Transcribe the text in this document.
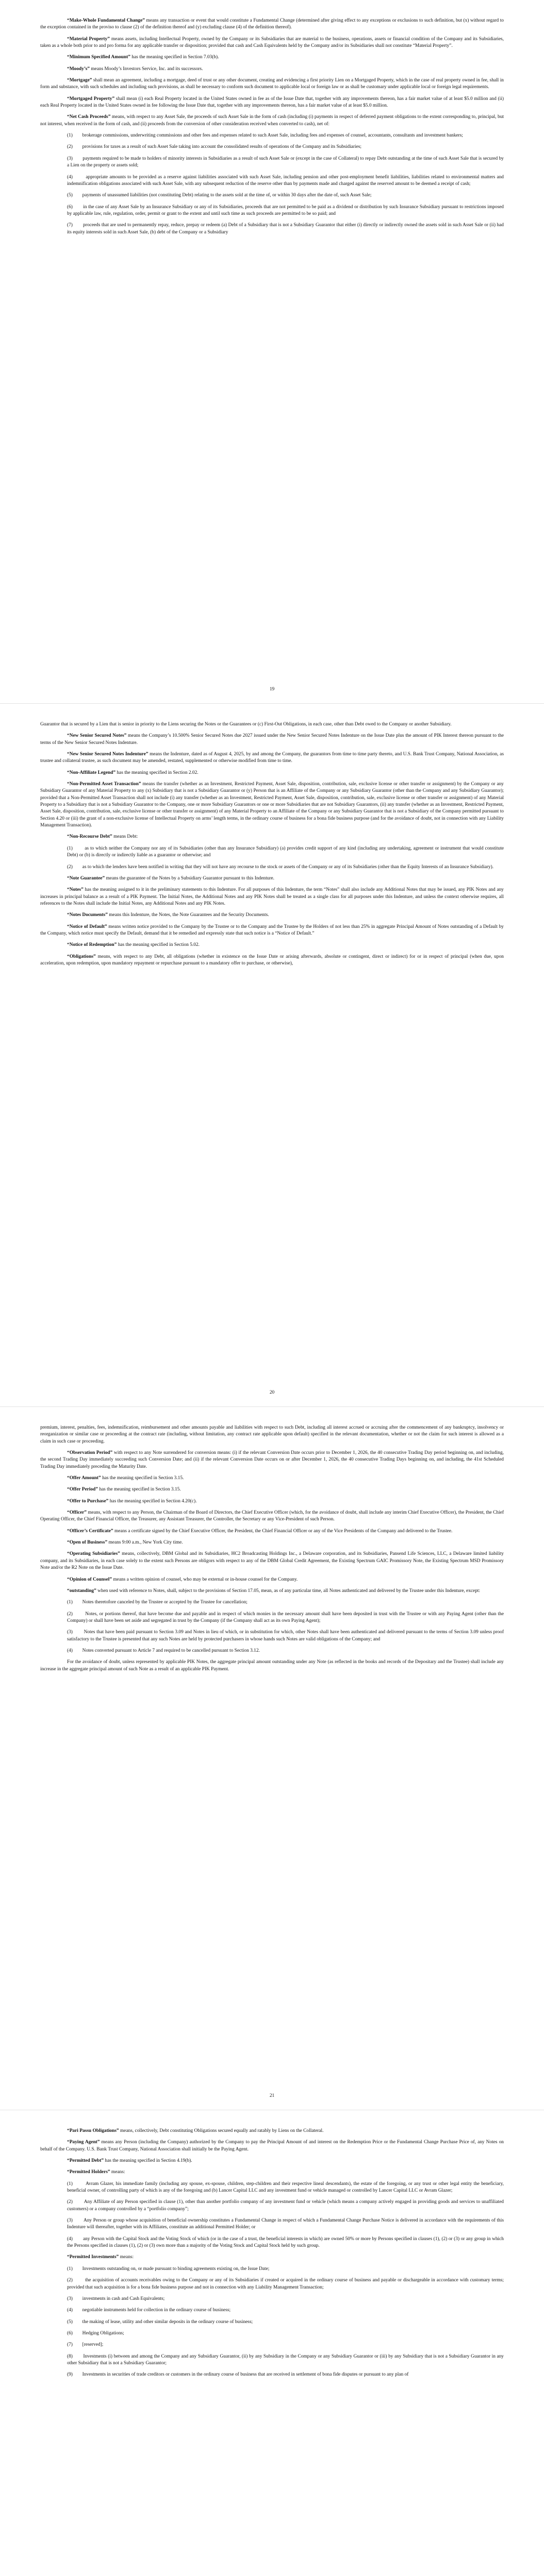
“Make-Whole Fundamental Change” means any transaction or event that would constitute a Fundamental Change (determined after giving effect to any exceptions or exclusions to such definition, but (x) without regard to the exception contained in the proviso to clause (2) of the definition thereof and (y) excluding clause (4) of the definition thereof).

“Material Property” means assets, including Intellectual Property, owned by the Company or its Subsidiaries that are material to the business, operations, assets or financial condition of the Company and its Subsidiaries, taken as a whole both prior to and pro forma for any applicable transfer or disposition; provided that cash and Cash Equivalents held by the Company and/or its Subsidiaries shall not constitute “Material Property”.

“Minimum Specified Amount” has the meaning specified in Section 7.03(b).

“Moody’s” means Moody’s Investors Service, Inc. and its successors.

“Mortgage” shall mean an agreement, including a mortgage, deed of trust or any other document, creating and evidencing a first priority Lien on a Mortgaged Property, which in the case of real property owned in fee, shall in form and substance, with such schedules and including such provisions, as shall be necessary to conform such document to applicable local or foreign law or as shall be customary under applicable local or foreign legal requirements.

“Mortgaged Property” shall mean (i) each Real Property located in the United States owned in fee as of the Issue Date that, together with any improvements thereon, has a fair market value of at least $5.0 million and (ii) each Real Property located in the United States owned in fee following the Issue Date that, together with any improvements thereon, has a fair market value of at least $5.0 million.

“Net Cash Proceeds” means, with respect to any Asset Sale, the proceeds of such Asset Sale in the form of cash (including (i) payments in respect of deferred payment obligations to the extent corresponding to, principal, but not interest, when received in the form of cash, and (ii) proceeds from the conversion of other consideration received when converted to cash), net of:

(1)        brokerage commissions, underwriting commissions and other fees and expenses related to such Asset Sale, including fees and expenses of counsel, accountants, consultants and investment bankers;

(2)        provisions for taxes as a result of such Asset Sale taking into account the consolidated results of operations of the Company and its Subsidiaries;

(3)        payments required to be made to holders of minority interests in Subsidiaries as a result of such Asset Sale or (except in the case of Collateral) to repay Debt outstanding at the time of such Asset Sale that is secured by a Lien on the property or assets sold;

(4)        appropriate amounts to be provided as a reserve against liabilities associated with such Asset Sale, including pension and other post-employment benefit liabilities, liabilities related to environmental matters and indemnification obligations associated with such Asset Sale, with any subsequent reduction of the reserve other than by payments made and charged against the reserved amount to be deemed a receipt of cash;

(5)        payments of unassumed liabilities (not constituting Debt) relating to the assets sold at the time of, or within 30 days after the date of, such Asset Sale;

(6)        in the case of any Asset Sale by an Insurance Subsidiary or any of its Subsidiaries, proceeds that are not permitted to be paid as a dividend or distribution by such Insurance Subsidiary pursuant to restrictions imposed by applicable law, rule, regulation, order, permit or grant to the extent and until such time as such proceeds are permitted to be so paid; and

(7)        proceeds that are used to permanently repay, reduce, prepay or redeem (a) Debt of a Subsidiary that is not a Subsidiary Guarantor that either (i) directly or indirectly owned the assets sold in such Asset Sale or (ii) had its equity interests sold in such Asset Sale, (b) debt of the Company or a Subsidiary

19

Guarantor that is secured by a Lien that is senior in priority to the Liens securing the Notes or the Guarantees or (c) First-Out Obligations, in each case, other than Debt owed to the Company or another Subsidiary.

“New Senior Secured Notes” means the Company’s 10.500% Senior Secured Notes due 2027 issued under the New Senior Secured Notes Indenture on the Issue Date plus the amount of PIK Interest thereon pursuant to the terms of the New Senior Secured Notes Indenture.

“New Senior Secured Notes Indenture” means the Indenture, dated as of August 4, 2025, by and among the Company, the guarantors from time to time party thereto, and U.S. Bank Trust Company, National Association, as trustee and collateral trustee, as such document may be amended, restated, supplemented or otherwise modified from time to time.

“Non-Affiliate Legend” has the meaning specified in Section 2.02.

“Non-Permitted Asset Transaction” means the transfer (whether as an Investment, Restricted Payment, Asset Sale, disposition, contribution, sale, exclusive license or other transfer or assignment) by the Company or any Subsidiary Guarantor of any Material Property to any (x) Subsidiary that is not a Subsidiary Guarantor or (y) Person that is an Affiliate of the Company or any Subsidiary Guarantor (other than the Company and any Subsidiary Guarantor); provided that a Non-Permitted Asset Transaction shall not include (i) any transfer (whether as an Investment, Restricted Payment, Asset Sale, disposition, contribution, sale, exclusive license or other transfer or assignment) of any Material Property to a Subsidiary that is not a Subsidiary Guarantor to the Company, one or more Subsidiary Guarantors or one or more Subsidiaries that are not Subsidiary Guarantors, (ii) any transfer (whether as an Investment, Restricted Payment, Asset Sale, disposition, contribution, sale, exclusive license or other transfer or assignment) of any Material Property to an Affiliate of the Company or any Subsidiary Guarantor that is not a Subsidiary of the Company permitted pursuant to Section 4.20 or (iii) the grant of a non-exclusive license of Intellectual Property on arms’ length terms, in the ordinary course of business for a bona fide business purpose (and for the avoidance of doubt, not in connection with any Liability Management Transaction).

“Non-Recourse Debt” means Debt:

(1)        as to which neither the Company nor any of its Subsidiaries (other than any Insurance Subsidiary) (a) provides credit support of any kind (including any undertaking, agreement or instrument that would constitute Debt) or (b) is directly or indirectly liable as a guarantor or otherwise; and

(2)        as to which the lenders have been notified in writing that they will not have any recourse to the stock or assets of the Company or any of its Subsidiaries (other than the Equity Interests of an Insurance Subsidiary).

“Note Guarantee” means the guarantee of the Notes by a Subsidiary Guarantor pursuant to this Indenture.

“Notes” has the meaning assigned to it in the preliminary statements to this Indenture. For all purposes of this Indenture, the term “Notes” shall also include any Additional Notes that may be issued, any PIK Notes and any increases in principal balance as a result of a PIK Payment. The Initial Notes, the Additional Notes and any PIK Notes shall be treated as a single class for all purposes under this Indenture, and unless the context otherwise requires, all references to the Notes shall include the Initial Notes, any Additional Notes and any PIK Notes.

“Notes Documents” means this Indenture, the Notes, the Note Guarantees and the Security Documents.

“Notice of Default” means written notice provided to the Company by the Trustee or to the Company and the Trustee by the Holders of not less than 25% in aggregate Principal Amount of Notes outstanding of a Default by the Company, which notice must specify the Default, demand that it be remedied and expressly state that such notice is a “Notice of Default.”

“Notice of Redemption” has the meaning specified in Section 5.02.

“Obligations” means, with respect to any Debt, all obligations (whether in existence on the Issue Date or arising afterwards, absolute or contingent, direct or indirect) for or in respect of principal (when due, upon acceleration, upon redemption, upon mandatory repayment or repurchase pursuant to a mandatory offer to purchase, or otherwise),

20

premium, interest, penalties, fees, indemnification, reimbursement and other amounts payable and liabilities with respect to such Debt, including all interest accrued or accruing after the commencement of any bankruptcy, insolvency or reorganization or similar case or proceeding at the contract rate (including, without limitation, any contract rate applicable upon default) specified in the relevant documentation, whether or not the claim for such interest is allowed as a claim in such case or proceeding.

“Observation Period” with respect to any Note surrendered for conversion means: (i) if the relevant Conversion Date occurs prior to December 1, 2026, the 40 consecutive Trading Day period beginning on, and including, the second Trading Day immediately succeeding such Conversion Date; and (ii) if the relevant Conversion Date occurs on or after December 1, 2026, the 40 consecutive Trading Days beginning on, and including, the 41st Scheduled Trading Day immediately preceding the Maturity Date.

“Offer Amount” has the meaning specified in Section 3.15.

“Offer Period” has the meaning specified in Section 3.15.

“Offer to Purchase” has the meaning specified in Section 4.20(c).

“Officer” means, with respect to any Person, the Chairman of the Board of Directors, the Chief Executive Officer (which, for the avoidance of doubt, shall include any interim Chief Executive Officer), the President, the Chief Operating Officer, the Chief Financial Officer, the Treasurer, any Assistant Treasurer, the Controller, the Secretary or any Vice-President of such Person.

“Officer’s Certificate” means a certificate signed by the Chief Executive Officer, the President, the Chief Financial Officer or any of the Vice Presidents of the Company and delivered to the Trustee.

“Open of Business” means 9:00 a.m., New York City time.

“Operating Subsidiaries” means, collectively, DBM Global and its Subsidiaries, HC2 Broadcasting Holdings Inc., a Delaware corporation, and its Subsidiaries, Pansend Life Sciences, LLC, a Delaware limited liability company, and its Subsidiaries, in each case solely to the extent such Persons are obligors with respect to any of the DBM Global Credit Agreement, the Existing Spectrum GAIC Promissory Note, the Existing Spectrum MSD Promissory Note and/or the R2 Note on the Issue Date.

“Opinion of Counsel” means a written opinion of counsel, who may be external or in-house counsel for the Company.

“outstanding” when used with reference to Notes, shall, subject to the provisions of Section 17.05, mean, as of any particular time, all Notes authenticated and delivered by the Trustee under this Indenture, except:

(1)        Notes theretofore canceled by the Trustee or accepted by the Trustee for cancellation;

(2)        Notes, or portions thereof, that have become due and payable and in respect of which monies in the necessary amount shall have been deposited in trust with the Trustee or with any Paying Agent (other than the Company) or shall have been set aside and segregated in trust by the Company (if the Company shall act as its own Paying Agent);

(3)        Notes that have been paid pursuant to Section 3.09 and Notes in lieu of which, or in substitution for which, other Notes shall have been authenticated and delivered pursuant to the terms of Section 3.09 unless proof satisfactory to the Trustee is presented that any such Notes are held by protected purchasers in whose hands such Notes are valid obligations of the Company; and

(4)        Notes converted pursuant to Article 7 and required to be cancelled pursuant to Section 3.12.

For the avoidance of doubt, unless represented by applicable PIK Notes, the aggregate principal amount outstanding under any Note (as reflected in the books and records of the Depositary and the Trustee) shall include any increase in the aggregate principal amount of such Note as a result of an applicable PIK Payment.

21

“Pari Passu Obligations” means, collectively, Debt constituting Obligations secured equally and ratably by Liens on the Collateral.

“Paying Agent” means any Person (including the Company) authorized by the Company to pay the Principal Amount of and interest on the Redemption Price or the Fundamental Change Purchase Price of, any Notes on behalf of the Company. U.S. Bank Trust Company, National Association shall initially be the Paying Agent.

“Permitted Debt” has the meaning specified in Section 4.19(b).

“Permitted Holders” means:

(1)        Avram Glazer, his immediate family (including any spouse, ex-spouse, children, step-children and their respective lineal descendants), the estate of the foregoing, or any trust or other legal entity the beneficiary, beneficial owner, of controlling party of which is any of the foregoing and (b) Lancer Capital LLC and any investment fund or vehicle managed or controlled by Lancer Capital LLC or Avram Glazer;

(2)        Any Affiliate of any Person specified in clause (1), other than another portfolio company of any investment fund or vehicle (which means a company actively engaged in providing goods and services to unaffiliated customers) or a company controlled by a “portfolio company”;

(3)        Any Person or group whose acquisition of beneficial ownership constitutes a Fundamental Change in respect of which a Fundamental Change Purchase Notice is delivered in accordance with the requirements of this Indenture will thereafter, together with its Affiliates, constitute an additional Permitted Holder; or

(4)        any Person with the Capital Stock and the Voting Stock of which (or in the case of a trust, the beneficial interests in which) are owned 50% or more by Persons specified in clauses (1), (2) or (3) or any group in which the Persons specified in clauses (1), (2) or (3) own more than a majority of the Voting Stock and Capital Stock held by such group.

“Permitted Investments” means:

(1)        Investments outstanding on, or made pursuant to binding agreements existing on, the Issue Date;

(2)        the acquisition of accounts receivables owing to the Company or any of its Subsidiaries if created or acquired in the ordinary course of business and payable or dischargeable in accordance with customary terms; provided that such acquisition is for a bona fide business purpose and not in connection with any Liability Management Transaction;

(3)        investments in cash and Cash Equivalents;

(4)        negotiable instruments held for collection in the ordinary course of business;

(5)        the making of lease, utility and other similar deposits in the ordinary course of business;

(6)        Hedging Obligations;

(7)        [reserved];

(8)        Investments (i) between and among the Company and any Subsidiary Guarantor, (ii) by any Subsidiary in the Company or any Subsidiary Guarantor or (iii) by any Subsidiary that is not a Subsidiary Guarantor in any other Subsidiary that is not a Subsidiary Guarantor;

(9)        Investments in securities of trade creditors or customers in the ordinary course of business that are received in settlement of bona fide disputes or pursuant to any plan of
